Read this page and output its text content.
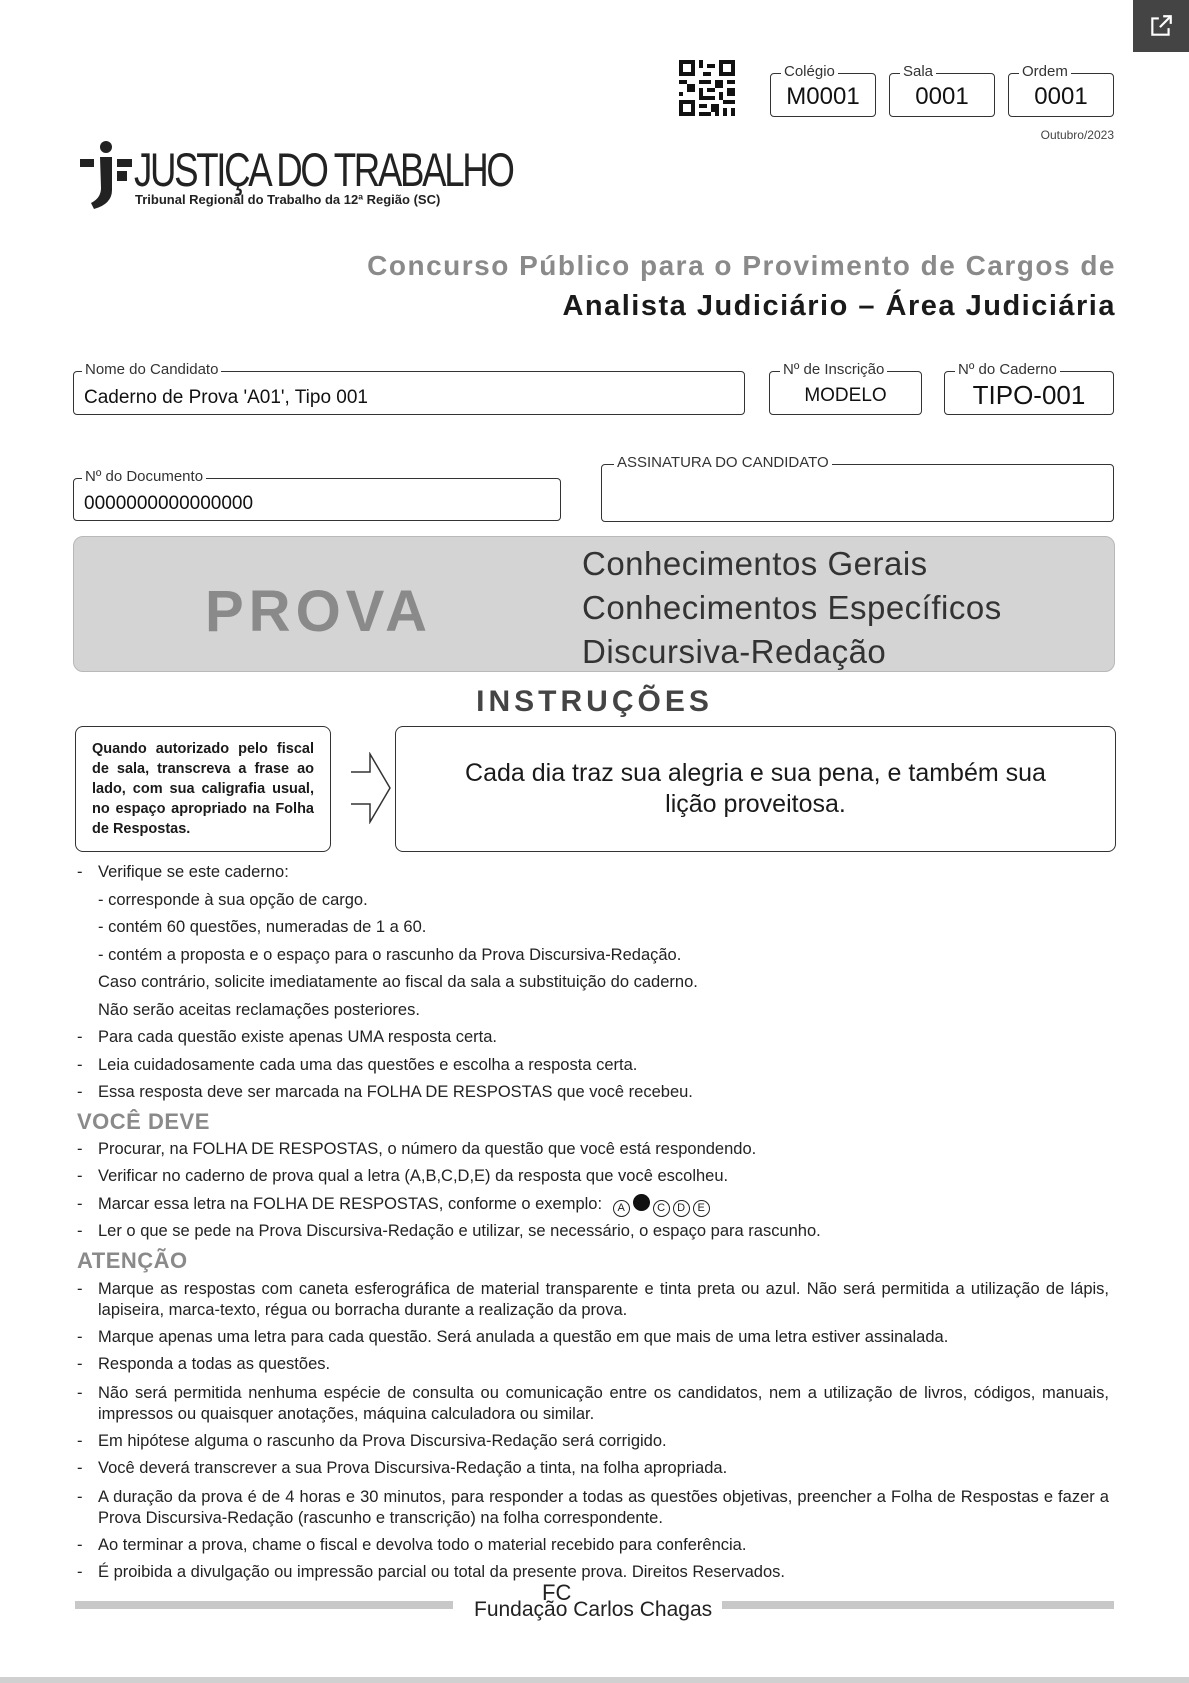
Colégio
M0001
Sala
0001
Ordem
0001
Outubro/2023
JUSTIÇA DO TRABALHO
Tribunal Regional do Trabalho da 12ª Região (SC)
Concurso Público para o Provimento de Cargos de
Analista Judiciário – Área Judiciária
Nome do Candidato
Caderno de Prova 'A01', Tipo 001
Nº de Inscrição
MODELO
Nº do Caderno
TIPO-001
Nº do Documento
0000000000000000
ASSINATURA DO CANDIDATO
PROVA
Conhecimentos Gerais
Conhecimentos Específicos
Discursiva-Redação
INSTRUÇÕES
Quando autorizado pelo fiscal de sala, transcreva a frase ao lado, com sua caligrafia usual, no espaço apropriado na Folha de Respostas.
Cada dia traz sua alegria e sua pena, e também sua lição proveitosa.
- Verifique se este caderno:
- corresponde à sua opção de cargo.
- contém 60 questões, numeradas de 1 a 60.
- contém a proposta e o espaço para o rascunho da Prova Discursiva-Redação.
Caso contrário, solicite imediatamente ao fiscal da sala a substituição do caderno.
Não serão aceitas reclamações posteriores.
- Para cada questão existe apenas UMA resposta certa.
- Leia cuidadosamente cada uma das questões e escolha a resposta certa.
- Essa resposta deve ser marcada na FOLHA DE RESPOSTAS que você recebeu.
VOCÊ DEVE
- Procurar, na FOLHA DE RESPOSTAS, o número da questão que você está respondendo.
- Verificar no caderno de prova qual a letra (A,B,C,D,E) da resposta que você escolheu.
- Marcar essa letra na FOLHA DE RESPOSTAS, conforme o exemplo: A	C D E
- Ler o que se pede na Prova Discursiva-Redação e utilizar, se necessário, o espaço para rascunho.
ATENÇÃO
- Marque as respostas com caneta esferográfica de material transparente e tinta preta ou azul. Não será permitida a utilização de lápis, lapiseira, marca-texto, régua ou borracha durante a realização da prova.
- Marque apenas uma letra para cada questão. Será anulada a questão em que mais de uma letra estiver assinalada.
- Responda a todas as questões.
- Não será permitida nenhuma espécie de consulta ou comunicação entre os candidatos, nem a utilização de livros, códigos, manuais, impressos ou quaisquer anotações, máquina calculadora ou similar.
- Em hipótese alguma o rascunho da Prova Discursiva-Redação será corrigido.
- Você deverá transcrever a sua Prova Discursiva-Redação a tinta, na folha apropriada.
- A duração da prova é de 4 horas e 30 minutos, para responder a todas as questões objetivas, preencher a Folha de Respostas e fazer a Prova Discursiva-Redação (rascunho e transcrição) na folha correspondente.
- Ao terminar a prova, chame o fiscal e devolva todo o material recebido para conferência.
- É proibida a divulgação ou impressão parcial ou total da presente prova. Direitos Reservados.
FC
Fundação Carlos Chagas
